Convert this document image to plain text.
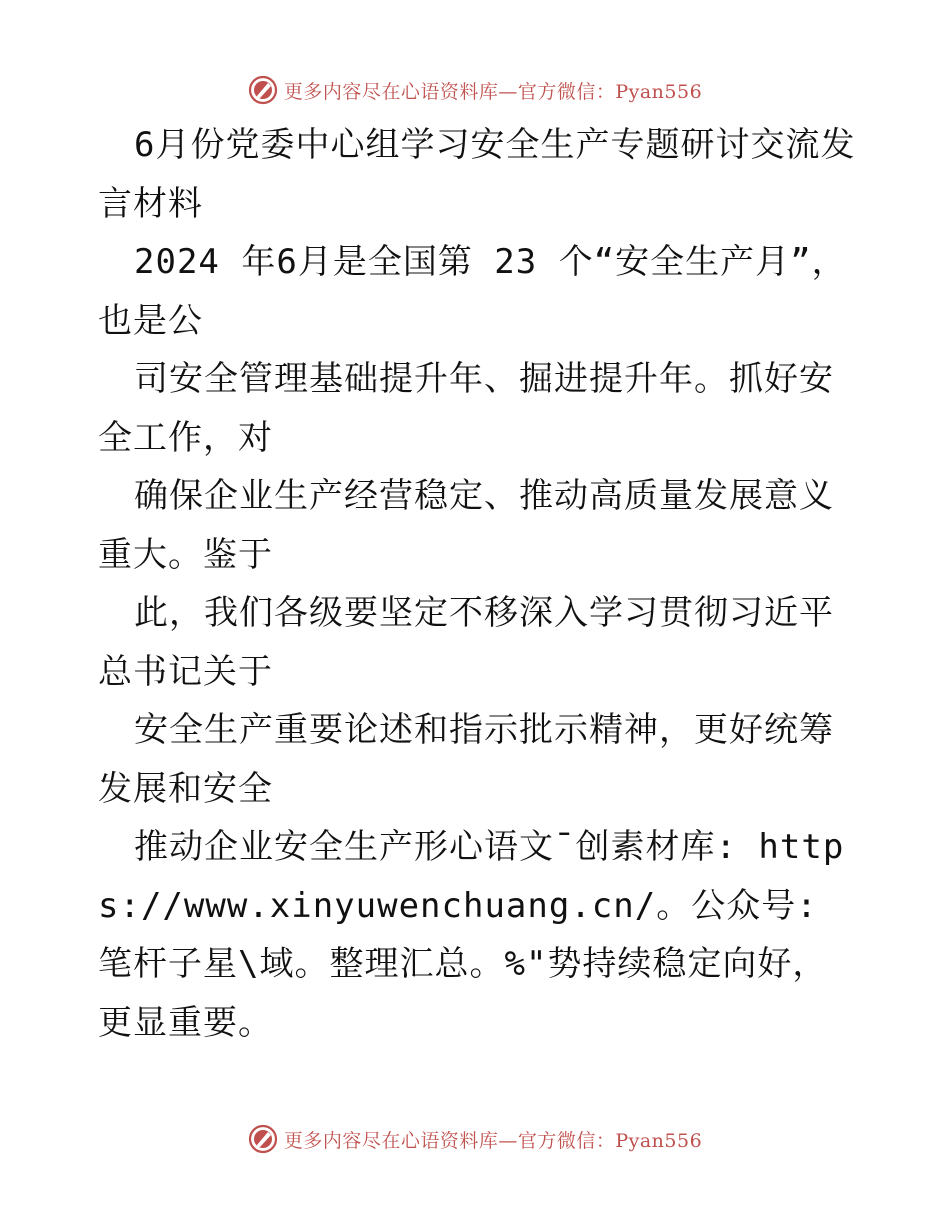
更多内容尽在心语资料库—官方微信：Pyan556

6月份党委中心组学习安全生产专题研讨交流发言材料

2024 年6月是全国第 23 个“安全生产月”，也是公

司安全管理基础提升年、掘进提升年。抓好安全工作，对

确保企业生产经营稳定、推动高质量发展意义重大。鉴于

此，我们各级要坚定不移深入学习贯彻习近平总书记关于

安全生产重要论述和指示批示精神，更好统筹发展和安全

推动企业安全生产形心语文¯创素材库: https://www.xinyuwenchuang.cn/。公众号: 笔杆子星\域。整理汇总。%"势持续稳定向好，更显重要。

更多内容尽在心语资料库—官方微信：Pyan556
